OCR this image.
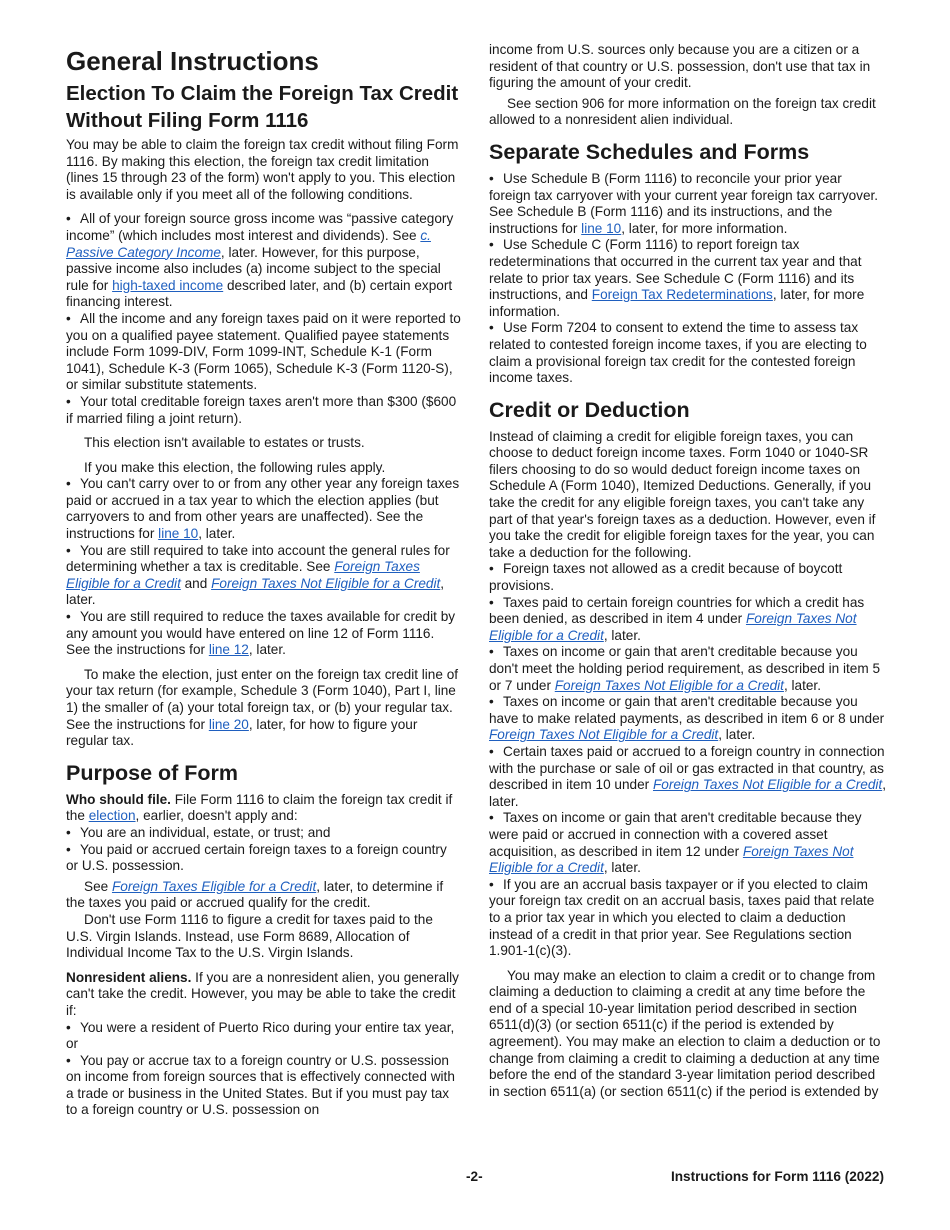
General Instructions
Election To Claim the Foreign Tax Credit Without Filing Form 1116

You may be able to claim the foreign tax credit without filing Form 1116. By making this election, the foreign tax credit limitation (lines 15 through 23 of the form) won't apply to you. This election is available only if you meet all of the following conditions.

• All of your foreign source gross income was “passive category income” (which includes most interest and dividends). See c. Passive Category Income, later. However, for this purpose, passive income also includes (a) income subject to the special rule for high-taxed income described later, and (b) certain export financing interest.

• All the income and any foreign taxes paid on it were reported to you on a qualified payee statement. Qualified payee statements include Form 1099-DIV, Form 1099-INT, Schedule K-1 (Form 1041), Schedule K-3 (Form 1065), Schedule K-3 (Form 1120-S), or similar substitute statements.

• Your total creditable foreign taxes aren't more than $300 ($600 if married filing a joint return).

This election isn't available to estates or trusts.

If you make this election, the following rules apply.

• You can't carry over to or from any other year any foreign taxes paid or accrued in a tax year to which the election applies (but carryovers to and from other years are unaffected). See the instructions for line 10, later.

• You are still required to take into account the general rules for determining whether a tax is creditable. See Foreign Taxes Eligible for a Credit and Foreign Taxes Not Eligible for a Credit, later.

• You are still required to reduce the taxes available for credit by any amount you would have entered on line 12 of Form 1116. See the instructions for line 12, later.

To make the election, just enter on the foreign tax credit line of your tax return (for example, Schedule 3 (Form 1040), Part I, line 1) the smaller of (a) your total foreign tax, or (b) your regular tax. See the instructions for line 20, later, for how to figure your regular tax.

Purpose of Form

Who should file. File Form 1116 to claim the foreign tax credit if the election, earlier, doesn't apply and:

• You are an individual, estate, or trust; and

• You paid or accrued certain foreign taxes to a foreign country or U.S. possession.

See Foreign Taxes Eligible for a Credit, later, to determine if the taxes you paid or accrued qualify for the credit.

Don't use Form 1116 to figure a credit for taxes paid to the U.S. Virgin Islands. Instead, use Form 8689, Allocation of Individual Income Tax to the U.S. Virgin Islands.

Nonresident aliens. If you are a nonresident alien, you generally can't take the credit. However, you may be able to take the credit if:

• You were a resident of Puerto Rico during your entire tax year, or

• You pay or accrue tax to a foreign country or U.S. possession on income from foreign sources that is effectively connected with a trade or business in the United States. But if you must pay tax to a foreign country or U.S. possession on

income from U.S. sources only because you are a citizen or a resident of that country or U.S. possession, don't use that tax in figuring the amount of your credit.

See section 906 for more information on the foreign tax credit allowed to a nonresident alien individual.

Separate Schedules and Forms

• Use Schedule B (Form 1116) to reconcile your prior year foreign tax carryover with your current year foreign tax carryover. See Schedule B (Form 1116) and its instructions, and the instructions for line 10, later, for more information.

• Use Schedule C (Form 1116) to report foreign tax redeterminations that occurred in the current tax year and that relate to prior tax years. See Schedule C (Form 1116) and its instructions, and Foreign Tax Redeterminations, later, for more information.

• Use Form 7204 to consent to extend the time to assess tax related to contested foreign income taxes, if you are electing to claim a provisional foreign tax credit for the contested foreign income taxes.

Credit or Deduction

Instead of claiming a credit for eligible foreign taxes, you can choose to deduct foreign income taxes. Form 1040 or 1040-SR filers choosing to do so would deduct foreign income taxes on Schedule A (Form 1040), Itemized Deductions. Generally, if you take the credit for any eligible foreign taxes, you can't take any part of that year's foreign taxes as a deduction. However, even if you take the credit for eligible foreign taxes for the year, you can take a deduction for the following.

• Foreign taxes not allowed as a credit because of boycott provisions.

• Taxes paid to certain foreign countries for which a credit has been denied, as described in item 4 under Foreign Taxes Not Eligible for a Credit, later.

• Taxes on income or gain that aren't creditable because you don't meet the holding period requirement, as described in item 5 or 7 under Foreign Taxes Not Eligible for a Credit, later.

• Taxes on income or gain that aren't creditable because you have to make related payments, as described in item 6 or 8 under Foreign Taxes Not Eligible for a Credit, later.

• Certain taxes paid or accrued to a foreign country in connection with the purchase or sale of oil or gas extracted in that country, as described in item 10 under Foreign Taxes Not Eligible for a Credit, later.

• Taxes on income or gain that aren't creditable because they were paid or accrued in connection with a covered asset acquisition, as described in item 12 under Foreign Taxes Not Eligible for a Credit, later.

• If you are an accrual basis taxpayer or if you elected to claim your foreign tax credit on an accrual basis, taxes paid that relate to a prior tax year in which you elected to claim a deduction instead of a credit in that prior year. See Regulations section 1.901-1(c)(3).

You may make an election to claim a credit or to change from claiming a deduction to claiming a credit at any time before the end of a special 10-year limitation period described in section 6511(d)(3) (or section 6511(c) if the period is extended by agreement). You may make an election to claim a deduction or to change from claiming a credit to claiming a deduction at any time before the end of the standard 3-year limitation period described in section 6511(a) (or section 6511(c) if the period is extended by

-2-	Instructions for Form 1116 (2022)
